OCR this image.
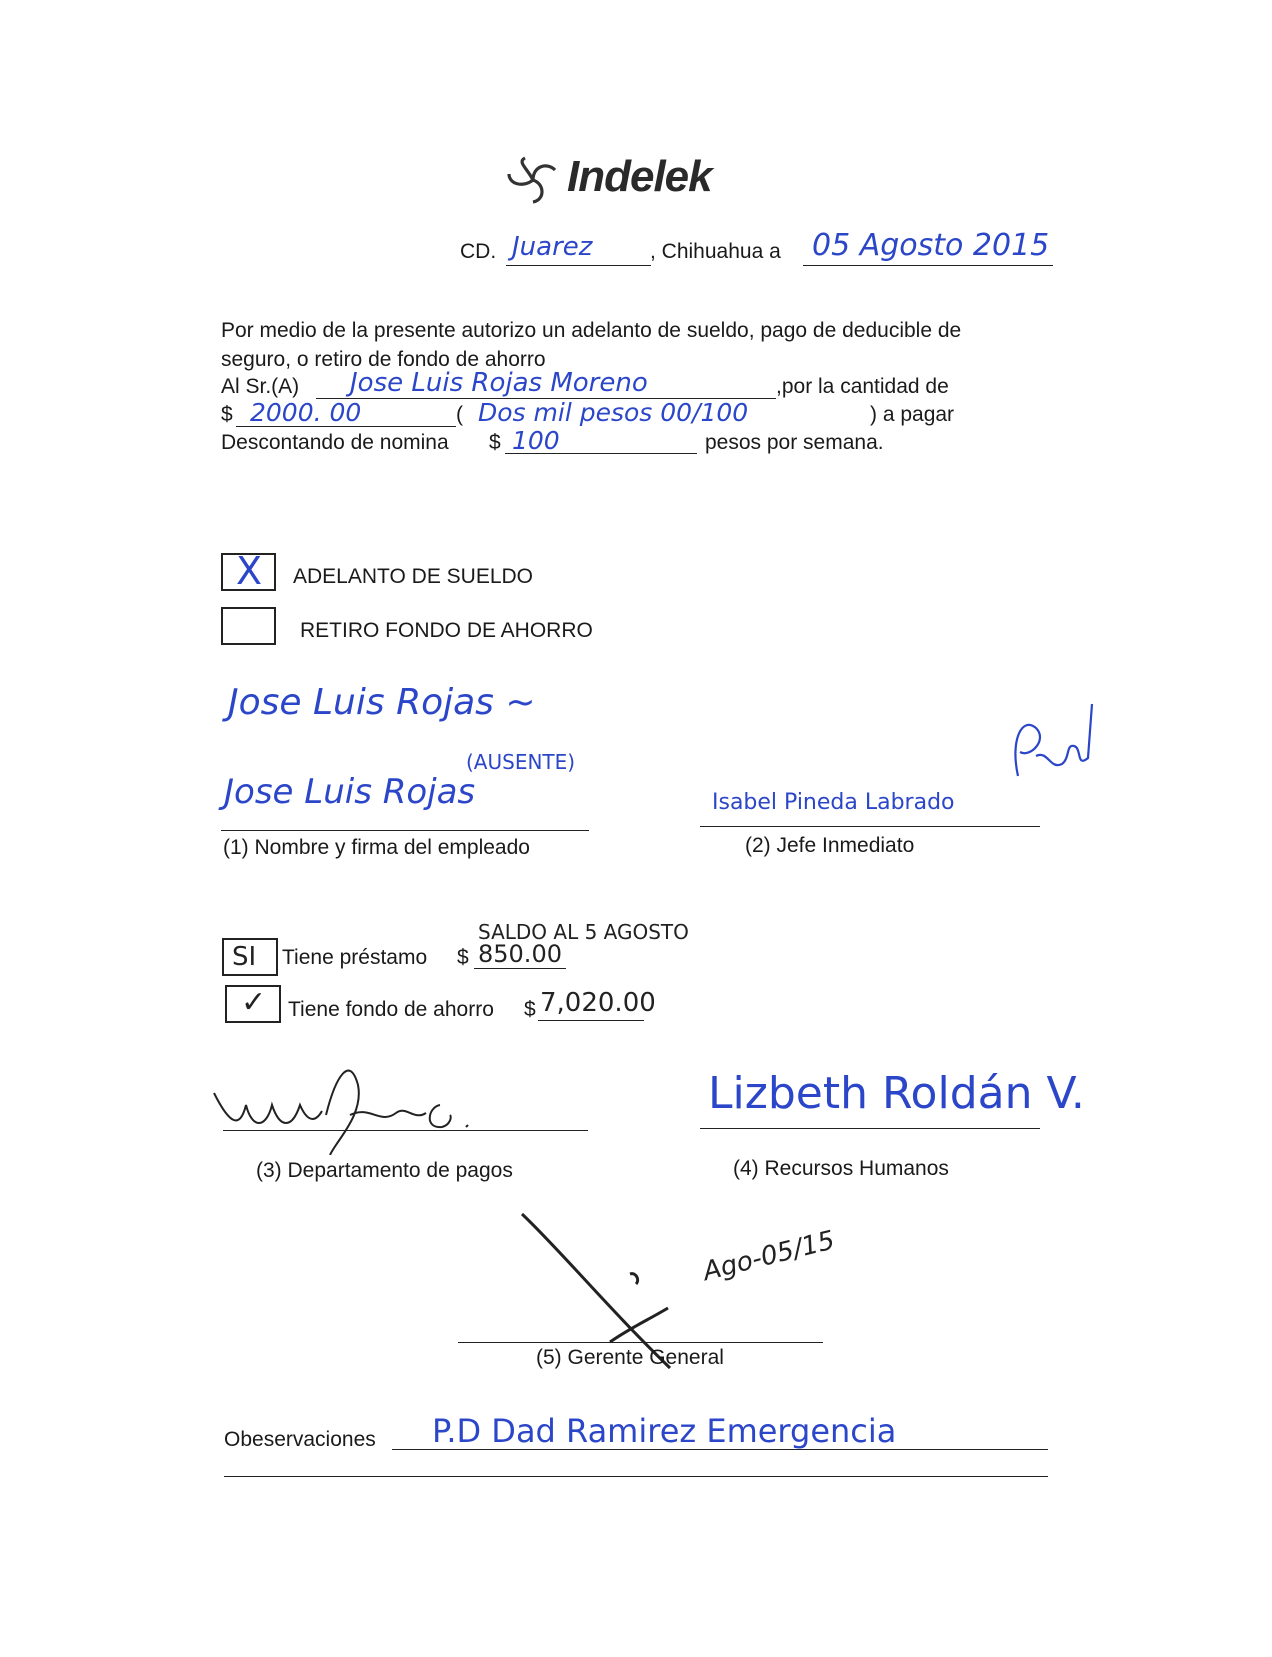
Indelek
CD. Juarez	, Chihuahua a 05 Agosto 2015
Por medio de la presente autorizo un adelanto de sueldo, pago de deducible de
seguro, o retiro de fondo de ahorro
Al Sr.(A) Jose Luis Rojas Moreno	,por la cantidad de
$ 2000. 00	( Dos mil pesos 00/100	) a pagar
Descontando de nomina $ 100	pesos por semana.
X ADELANTO DE SUELDO
RETIRO FONDO DE AHORRO
Jose Luis Rojas ~
(AUSENTE)
Jose Luis Rojas
(1) Nombre y firma del empleado
Isabel Pineda Labrado
(2) Jefe Inmediato
SALDO AL 5 AGOSTO
SI Tiene préstamo $ 850.00
✓ Tiene fondo de ahorro $ 7,020.00
(3) Departamento de pagos
Lizbeth Roldán V.
(4) Recursos Humanos
Ago-05/15
(5) Gerente General
Obeservaciones P.D Dad Ramirez Emergencia
